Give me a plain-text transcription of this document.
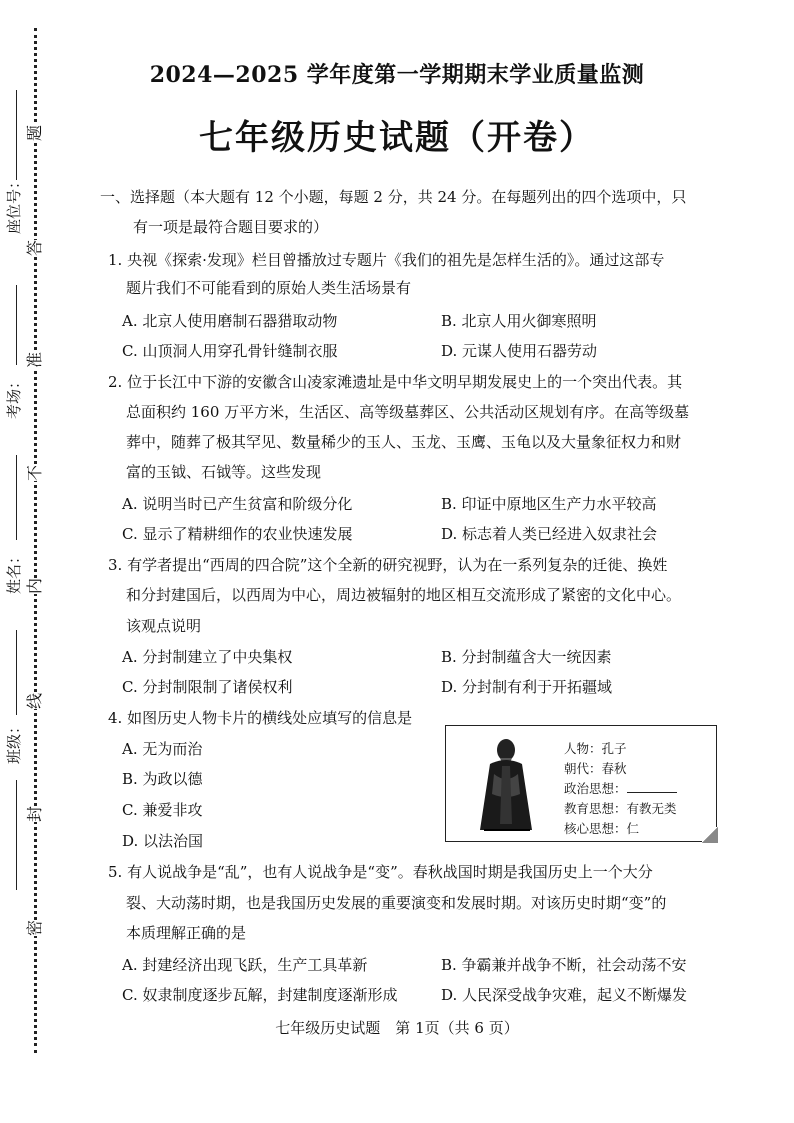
题
答
准
不
内
线
封
密
座位号：
考场：
姓名：
班级：
2024—2025 学年度第一学期期末学业质量监测
七年级历史试题（开卷）
一、选择题（本大题有 12 个小题，每题 2 分，共 24 分。在每题列出的四个选项中，只
有一项是最符合题目要求的）
1. 央视《探索·发现》栏目曾播放过专题片《我们的祖先是怎样生活的》。通过这部专
题片我们不可能看到的原始人类生活场景有
A. 北京人使用磨制石器猎取动物	B. 北京人用火御寒照明
C. 山顶洞人用穿孔骨针缝制衣服	D. 元谋人使用石器劳动
2. 位于长江中下游的安徽含山凌家滩遗址是中华文明早期发展史上的一个突出代表。其
总面积约 160 万平方米，生活区、高等级墓葬区、公共活动区规划有序。在高等级墓
葬中，随葬了极其罕见、数量稀少的玉人、玉龙、玉鹰、玉龟以及大量象征权力和财
富的玉钺、石钺等。这些发现
A. 说明当时已产生贫富和阶级分化	B. 印证中原地区生产力水平较高
C. 显示了精耕细作的农业快速发展	D. 标志着人类已经进入奴隶社会
3. 有学者提出“西周的四合院”这个全新的研究视野，认为在一系列复杂的迁徙、换姓
和分封建国后，以西周为中心，周边被辐射的地区相互交流形成了紧密的文化中心。
该观点说明
A. 分封制建立了中央集权	B. 分封制蕴含大一统因素
C. 分封制限制了诸侯权利	D. 分封制有利于开拓疆域
4. 如图历史人物卡片的横线处应填写的信息是
A. 无为而治
B. 为政以德
C. 兼爱非攻
D. 以法治国
人物：孔子
朝代：春秋
政治思想：
教育思想：有教无类
核心思想：仁
5. 有人说战争是“乱”，也有人说战争是“变”。春秋战国时期是我国历史上一个大分
裂、大动荡时期，也是我国历史发展的重要演变和发展时期。对该历史时期“变”的
本质理解正确的是
A. 封建经济出现飞跃，生产工具革新	B. 争霸兼并战争不断，社会动荡不安
C. 奴隶制度逐步瓦解，封建制度逐渐形成	D. 人民深受战争灾难，起义不断爆发
七年级历史试题　第 1页（共 6 页）
